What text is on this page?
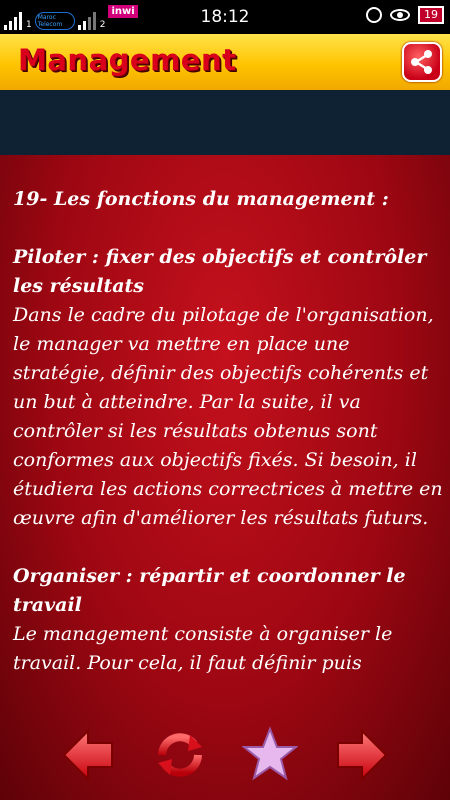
1
Maroc Telecom	2
inwi	18:12	19
Management

19- Les fonctions du management :

Piloter : fixer des objectifs et contrôler les résultats

Dans le cadre du pilotage de l'organisation, le manager va mettre en place une stratégie, définir des objectifs cohérents et un but à atteindre. Par la suite, il va contrôler si les résultats obtenus sont conformes aux objectifs fixés. Si besoin, il étudiera les actions correctrices à mettre en œuvre afin d'améliorer les résultats futurs.

Organiser : répartir et coordonner le travail

Le management consiste à organiser le travail. Pour cela, il faut définir puis
